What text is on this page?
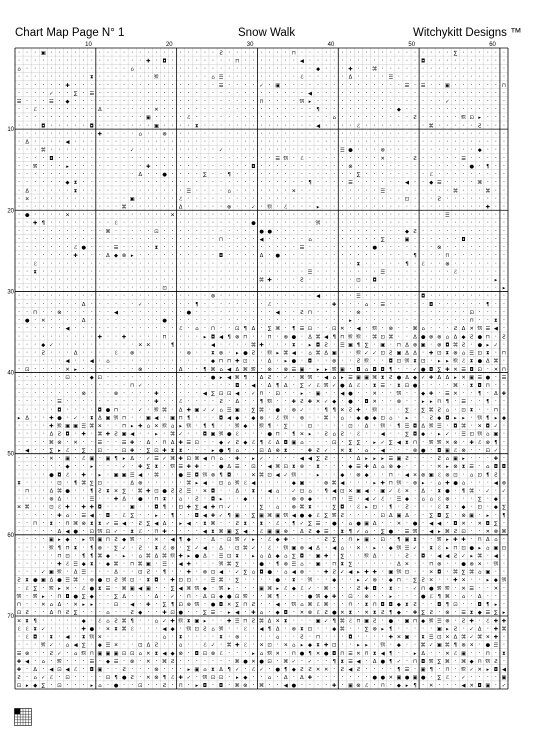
Chart Map Page N° 1	Snow Walk	Witchykitt Designs ™
· · · ▣ · · · · · · · · · · · · · · · · · · · · · Ƨ · · · · · · · · ⊓ · · · · · · · · · · · · · · · · · · · ∑ · · · · · ·
· · · · · · · · · · · · · · · · ✚ · ◘ · · · · · · · · ⊓ · · · · · · · ◀ · · · · · · · · · · · · · · ◘ · · · · · · · · · ·
⌂ · · · · · · · · · · · · · ⌂ · · · · · · · · · · · · · · · · · · · · · · ◆ · · · ✚ · · ⌘ · · · · · · · · · · · · · · · ·
· · · · · · · · · ⧗ · · · · · · · 𝔐 · · · · · · ⌂ ☰ · · · · · · · · · ℰ · · · · · Δ · · · · ☰ · · · · · · · · · · · · · ·
· · · · · · ✚ · · · · · · · · · · · · · · · · · · ☰ · · · · ✓ · ▣ · · · · · · · · · · · · · · · ☰ · ☰ · · ▣ · · · · · · ⊓
· · · · ✓ · · ∑ · ☰ · · · · · · · · · · · · · · · · · · · · · · · · · · ◀ · · · · · · · · · · · · · · · · · · · · · · · ·
☰ · · · ☰ · ◆ · · · · · · · · · · · · · · · · · · · · · · · ⊓ · · · · 𝔐 ▸ · · · · · · · · · · · · · · · · ✓ · · · · · · ·
· · ℰ · · · · · · · Δ · · · · · · ✕ · · · · · · · · · · · · · · · · · · · ¶ · · · · · · · · · ◆ · · · · · · · · · · · · ·
· · · · · · · · · · · · · · · · ▣ · · · · ℰ · · · · · · · · · · · · · · · · · ⌂ · · · · · · · · · Ƨ · · · · · 𝔐 ⊡ ▸ · · ·
· · · ◘ · · · · · ◘ · · · · · · · ▣ · · · · ⧗ · · · · · · · · · · · · · · ◀ · · · · ℰ · · · · · · · · ⌘ · · · · · Ƨ · · ·
· · · · · · · · · · ✚ · · · · ⌂ · · ⊗ · · · · · · · · · · · · · · · · · · · · · · · · · · · · · · · · · · · · · · · · · ·
· Δ · · · · ◀ · · · · · · · · · · · · · · · · · · · · · · · · · · · · · · · · · · · · · · · · · · · · · · · · · · · · · ·
· · · ⌘ · · · · · · · · · · ✓ · · · · · · · · · · ✓ · · · · · · · · · · · · · · ☰ ● · · · ⊗ · · · · · · · · · · · ◆ · · ·
· · · · ◘ · · · · · · · · · · · · · · · · · · · · · · · · · · · ☰ 𝔐 · ℰ · · · · · · · · · ✕ · · · Ƨ · · · · · ☰ · · · · ·
· · 𝔐 · · · ▸ · · · · · · · · · ✚ · · · · · · · · · · · · ◘ · · · · · · · · · · · ⊗ · · · · · · · · · · · · · · ● · ¶ · ·
· · · · · · · · · · · · · · · Δ · · ● · · · · ∑ · · ¶ · · · · · · · · · · · · · · · ∑ · · · · · · · · ℰ · · · · · · · · ·
· · · · · · ◆ ⧗ · · · · · · · · · · · · · · · · · · · · · · · · · · · · ¶ · · · · ☰ · · · · · · ◀ · · ◆ ☰ · · · · ⌘ · · ·
· Δ · · · · · ⧗ · · · · · · · · · · · · · ☰ · · · · ⌂ · · · · · · · ✕ · · · · · · · · · · ☰ · · · · · · · · ⌘ · · · ⌘ · ·
· ✕ · · · · · · · · · · · · ▣ · · · · · ℰ · · · · · · · · · · · · · · · · · · · · · · · · · · · ⊡ · · · Ƨ · · · · · · · ·
· · · · · · · · · · · · · ⌘ · · · · · · Δ · · · · · ⊗ · · ✓ · 𝔐 · ℰ · · · ▸ · · · · · · · · · · · · · · · · · · · · ✚ · ·
· ● · · · · ✕ · · · · · · · · · · · · ✕ · · · · · · · · · · · · · · · · · · · · · · · · · · · · · · · · · ☰ · · · · · · ·
· · ✚ ¶ · · · · · · · · ℰ · · · · · · · · · · · · · · · · ● · · · · · · · 𝔐 · · · · · · · · · · · · · · · · · · · · · · ·
· · · · · · · · · · · ⌘ · · · · · ⊡ · · · · · · · · · · · · ● ● · · · · · · · · · · · · · · · · ◆ Ƨ · · · · · · · · · · ·
· · · · · · · · · · · · · · · · · · · · · · · · · ⊓ · · · · ◀ · · · · · ⌂ · · · · · · · · ∑ · · ▣ · · · · · · ◘ · · · · ·
· · · · · · · ℰ ● · · · ☰ · · · · ⧗ · · · · · · · · · · · · · · · · · ☰ · · · · · · · · ● · · · · · · · ⊗ · · · · · · · ·
· · · · · · · ✚ · · · Δ ◆ ⊗ ▸ · · · · · · · · · · ◘ · · · · Δ · ● · · · · · · · · · · · · · · · · ¶ · · · ⊓ · · · · · · ·
· · ℰ · · · · · · · · · · · · · · · · · · · · · · · · · · · · · · · · · · · · · · · ⧗ · · · · · ¶ · ℰ · · ⊗ · · · · · · ·
· · ⧗ · · · · · · · · · · · · · · · · · · · · · · · · · · · · · · · · · ☰ · · · · · · · · ☰ · · · · · · · · ℰ · · · · · ·
· · · · · · · · · · · · · · · · · · · · · · · · · · · · · · ⌘ ✚ · · · Ƨ · · · · · · ⊡ · ◘ · · · · · · · · · · · · · · ▸ ·
· · · · · · · · · · · · · · · · · · ⊡ · · · · · · · · · · · · · · · · · · · · · · · · · · · · · · · · · · · · · · · · · ▸
· · · · · · · · · · · · · · · · · · · · · · · · ⊗ · · · · · · · · · · · · ◀ · · · · ☰ · · · · · · · ◘ · · · · · · · · · ·
· · · · · · · · Δ · · · · · · ✓ · · · · · · ¶ · · · · · · · · ℰ · · · · · · · ✚ · · · ⌂ · ☰ · · · · · ◘ · · · · · · ¶ · ·
· · ⊓ · · ⊗ · · · · · · ◀ · · · · · · · · ● · · · · · · · · · · ◀ · · Ƨ ⊓ · · · · · ⊗ · · · · · · · · · · · · · ⊡ · · · ·
· ● · ✕ · · · · Δ · · · · · · · · · ● · · · · · · · · · · · · · · · · · · · · · · ▸ · · · · · · · · · · · · · · ⊓ · · ⧗ ·
· · · · · · ◀ · · · · · · · · · · · · · ℰ · ⌂ · ⊓ · · ⊡ ¶ Δ · ∑ ⌘ · ¶ ☰ ⊡ · · ⊡ ✕ · ◀ · 𝔐 · ⊗ · · ⌘ ⌂ · · · Ƨ Δ ✕ 𝔐 ☰ ◀ ·
· · · · · · · · · · ✚ · · ✚ · · · · ⊓ · · · · ▸ ◘ ◀ ¶ ⊗ ⊓ · · ⊓ · ⊗ ● · Δ ⌘ ◀ ¶ ⊓ 𝔐 𝔐 · ⌘ ⊡ ⌘ · · Δ ● ⊗ ⊗ ⌂ Δ ◆ Ƨ ● ⊓ · Ƨ
· · · ◆ ✓ · · · · · · · · · · ✕ ✕ · · ¶ · · · · ◀ · · · · ⌘ ✚ · · · ⧗ · ▸ ◘ Ƨ · ☰ ▣ ¶ ∑ · ▣ · ⊓ Δ ⊗ ▣ · ⊗ ◘ ⌘ Ƨ · ● ▸ ✓ ·
· · · Ƨ · · · Δ · · · · ℰ · ⊗ · · · · · · ⊗ · · ⧗ ⊗ · ▸ ● Ƨ · 𝔐 ▸ ⌘ ◀ · ⌂ ⌘ Δ ▣ · · 𝔐 ✓ ✓ ⊡ Ƨ ▣ Δ Δ · ✚ ⊡ ⧗ ⊗ ⌂ ☰ ⊡ ⧗ · ⊓
· · · · · · ◀ · · ◀ · ⌂ · · · · · · · · · · · · ◆ ⊓ ⊓ ✚ ⊡ · · Δ · ▸ ● · ◘ · · ⊗ · · Ƨ 𝔐 · · ◘ ⊡ 𝔐 ⧗ ⊡ · ▸ ▸ 𝔐 ℰ ⧗ ● Δ ⌘ ·
· ⊡ · · · · ✕ ▸ · · · · · · · ⊗ · · · · Δ · · ¶ ⌘ ⌂ ◀ Δ ⌘ 𝔐 · ⊗ · ⊗ ☰ ▣ · ▸ ▸ 𝔐 ▣ · ◘ ⌂ ◘ ◘ ¶ · · ✓ ● ◘ ∑ ✚ ✕ ☰ ◘ ⊡ · ✕ ⊓
· · · · · · ⊡ · · ◆ ⊡ · · · · · · · · · · · · · ● ▸ ◀ ⌘ ¶ · Δ Ƨ · ✓ · ⌘ 𝔐 · ◀ ⌂ ▸ ☰ ▣ ▣ ⌘ ⧗ Ƨ ● Δ ◆ ✓ ✚ Δ Δ ▸ ✕ ▣ ☰ ● · ☰
· · · · · · · · · · · · · · ⊓ ✓ · · · · · · · · · · · ◘ · ◀ · Δ ¶ Δ · ∑ ✓ ℰ 𝔐 ✓ ● Δ ℰ · ⧗ ☰ · ⧗ ⊡ ● · · · · ⌘ · ⧗ ◘ ⊓ · ·
· · · · · · · · ⊗ · · · ⊗ · · · · ✚ · · · · · ◀ ∑ ⊡ ⊡ ◀ · ✓ ⊓ · ⊡ · · ▸ · ▣ · · ◀ ● · · ✕ · · 𝔐 · · ◆ ✚ · ☰ ✕ · · ¶ · Δ ✚
· · · · · ☰ · · · · · · · · · · · ✚ · · ℰ · · · · Ƨ · Δ · · ¶ 𝔐 · · ✚ Ƨ ✚ ✕ ✓ ◆ · ● · ◘ ✕ · · ⊗ · · ▸ ▸ ⊓ ¶ · ☰ · · ¶ · ·
· · · · · ◘ · · · · ◘ ● ⊓ · · ✓ · 𝔐 ⌘ · Δ ✚ ▣ ✓ ✓ ⌂ ☰ ▣ · ∑ ⌘ · ● · ⊗ ✓ · · ¶ ¶ ✕ Ƨ ✚ · 𝔐 · · · ∑ · ∑ ⌘ Ƨ ⌂ · ⊡ ⧗ · · ⊓ ·
▸ Δ · · ✚ ● · ✓ · ⧗ Δ ▣ 𝔐 ⊓ · · ▣ ◀ · ▣ ⊓ ¶ · · · ◘ ◀ ◆ · ◆ ⊗ · ℰ 𝔐 · ⊗ · · ⌘ · ⌂ · ◆ ● ◆ ⊡ ⌂ · ▸ · · Ƨ ◆ ◘ ▸ ▸ · 𝔐 ¶ ▸ ◆
· · · · ✚ 𝔐 ▣ ▣ ☰ ⌘ ✕ · · ⊓ ▸ ✚ ⌂ ✕ 𝔐 ⌂ ▸ 𝔐 · ¶ ¶ · · 𝔐 ◆ · 𝔐 ¶ · ∑ · · ⊡ · · · · ⊡ · Δ · 𝔐 · ¶ ☰ ◘ Δ 𝔐 ☰ · ◘ ⌘ · ✕ ◘ ✓ ·
· · · · Δ Ƨ ◘ · ✚ · ⌘ ✚ Ƨ ▣ ◀ · · ▸ · ⌘ ✓ · · ◘ ▣ 𝔐 ● ℰ · · · ● ⊓ · ¶ ✕ ▸ · Ƨ ⌂ Ƨ · ℰ · · ◀ · · ∑ ◘ ◆ · ▸ ✓ · ☰ ⊡ 𝔐 ⌂ ▣ ·
· · · · ⌘ ⊗ · ✕ · · ☰ · · ☰ ✚ · Δ · ⊓ Δ ✚ ☰ ⊡ · · ◆ ✓ Ƨ ◆ ℰ ¶ ℰ Δ ◘ ▣ ⌂ · · · ⊡ · ∑ ∑ · ▸ ✓ ∑ ◀ ⧗ ⊓ · 𝔐 𝔐 ✕ ⊗ · ✚ ℰ ⊗ ¶ ·
· ◀ · · ∑ ▸ ℰ · ∑ · ⊡ · · ⊡ ✚ · ∑ ⊡ ✚ ⧗ ⧗ · · · ▸ ● ¶ ⌂ · · ⊡ Δ ⊗ ⧗ · · ✚ Ƨ ✓ · ✕ ⧗ · ⌂ · ◀ · · · ⊗ ● · ◘ ▣ ℰ ⊗ · · ⊡ ✓ ·
· · · · ✕ · ▣ · ℰ ▣ · ▣ ¶ ▸ Δ · ✓ ☰ ✓ ⌘ ✚ ⊡ ⌘ ◀ ⊓ ⌂ · ✚ · ▸ ✓ · · · · ◀ ◀ ∑ Ƨ · · · Δ ▸ ▸ ▸ ☰ ▣ Ƨ · · · Ƨ ⌂ ▣ ▸ · · · ✚ ·
· · · · · · ◆ · · ▸ · · · ✓ · ✚ ∑ ⧗ · 𝔐 ☰ ✚ ✚ · · ● Δ ☰ · ⊡ · ◀ ⌘ ⊡ ⧗ ⊗ · ⧗ · · · ◆ ☰ ✚ Δ ⌂ ⊗ ◆ · · · · ✕ ▸ ⊗ ⧗ ☰ · ⌂ ◘ ◘
· · · · ● ◘ ℰ · ✚ · ▸ · ▣ ▣ ☰ ◀ · ⌘ · · ● ☰ ◘ 𝔐 ⊗ ¶ ◘ · · ✕ ⌘ ⊡ ◀ ✓ 𝔐 · · ▸ · · ◆ · ⊗ ◆ · · ⊓ · ◀ ✕ ⊗ ▣ ℰ ⊗ ⊡ · ⌂ ⊡ ¶ Ƨ ·
⧗ · · · · ⊡ · ¶ ⌘ ∑ ⊡ · · · Δ ⊗ · · · · · ⌘ ▸ ◀ · ⊡ ⌂ 𝔐 ℰ ◀ · · · · ◆ ▣ · · ⊗ ⌘ ◀ · · · ▸ ✚ ⊓ 𝔐 · ⊗ ▸ · ⌂ ✚ ● ⌂ · · · ◀ ⊗
· ⊓ · · Δ ⌘ ● · · ¶ Ƨ ⧗ ✕ ∑ · ⌘ ✚ ⊡ ● Ƨ Ƨ ☰ · ✕ ◘ · · Δ · ⧗ · ◀ ⌂ · ✓ ⊡ ⌂ · ¶ ◀ ⊡ ✕ ▣ ◀ · ▣ ✓ ℰ ✕ · Δ · ⧗ ● · ¶ ⌘ · ✓ · ✓
· · · · ⊗ Δ · · · ☰ · · ✚ Δ · ● · ⊓ ⧗ · ⌂ · Ƨ · ◘ ▸ · · ◆ · · · · · ⊗ ⊗ ◆ · · ⊓ · ☰ · ◀ ✓ ℰ · ☰ ◆ · ⌂ ⌂ ℰ ⊗ · · · ∑ · ◆ ·
✕ ⌘ · · ⊡ ℰ ✚ · ✚ ✚ ◘ · · · ▣ · · ◘ ¶ · ⊡ ✚ ∑ ◀ ✚ ⊓ ✓ · · · ∑ · ⌂ · ⊗ ⌘ ⧗ · · ∑ ◘ · ℰ ▸ ⊡ · ¶ · Ƨ · · · ℰ ⧗ · ◆ · ⊡ · ◆ ∑
· · · · · ✚ ⌂ · ☰ ◀ · ◘ · ℰ ∑ · · ▸ · ¶ · · ◘ ◀ ✚ ✓ ¶ ▣ · ∑ ▣ ⌘ ▣ 𝔐 ◀ ● ◆ ℰ ∑ 𝔐 Ƨ · · · · ⊡ Δ ▣ Δ · · ∑ ◘ ∑ · ⊗ ▣ · ▸ · ¶
· · ⊓ · ⧗ · ⊓ ⌘ ⊗ ⧗ ⧗ ✓ ☰ ◀ · Ƨ ∑ ◀ Δ · ▸ ◀ · ⧗ ⌘ · · Ƨ ⧗ · ⧗ · ℰ · ¶ ✓ ∑ ☰ · ● · ⌂ ● ▣ Δ · · ✕ · ● · ◀ ◀ · ◘ ✕ · ✕ ◘ ∑ ·
· · · · · Δ ◀ ● · ⊡ 𝔐 ⊡ ✓ · ⧗ ℰ · ⊓ ✚ · · · · ◀ ⧗ ⌘ ▣ ∑ ◀ · ℰ ▣ ▣ ⊗ · Δ Ƨ ◆ ☰ · ⧗ ¶ ✓ ⌂ · ∑ ● · ☰ 𝔐 · ◀ ▸ ⌘ Ƨ ⊡ · · ✕ ⊗ ⌘
· · · · ▣ ▸ ◆ · ▸ 𝔐 ▣ ⊓ Ƨ ◆ 𝔐 · · ✕ · ◀ ¶ ◆ · · Δ · ⊡ 𝔐 ✓ ▸ · ℰ ◆ ✚ · · · · Ƨ ∑ · ⊓ ▸ ▣ · ⊡ · ¶ ▣ ⧗ · · 𝔐 ▸ ✚ ✚ · ⊓ Δ ⌂ ·
· · · · 𝔐 ¶ ⊓ ⧗ · ¶ ⊗ · ∑ ✓ · Ƨ · ⧗ ℰ ⊗ · ∑ ✓ ◀ · Δ · ⊡ ⌘ ✓ · ℰ · 𝔐 ▣ ⊗ ◀ Δ · ◀ ⌂ · ✕ · ▸ · ◆ 𝔐 ☰ ✓ · ⧗ ℰ ▸ ⊓ ⊡ ● ▸ ⌂ ▣ ⊡
· · · · · ⊓ ⊡ · ¶ ¶ ⌘ ◆ · ▸ · ⌂ ⌘ Δ ⌘ 𝔐 ✚ ▸ ● Δ · ☰ ⊡ ⧗ · ▸ ⌂ Δ ◆ ⌂ ∑ ◘ · ▣ ✚ · ∑ · · 𝔐 Δ · · · Ƨ · ◘ · ◀ ◀ Ƨ ✓ ▸ ⌘ · ◀ ·
· · · · · ✚ ℰ ☰ ◆ ⧗ · ◆ ⌘ · ⊓ ⌘ ▣ · ☰ · ◀ ✚ · · · 𝔐 ⌘ ∑ · · ● · ¶ ⊗ ☰ ⌂ · ▣ · ⊓ ⧗ ∑ · · · · · Δ ✕ · · ⊓ ⊗ · · ● ⊗ ✕ · 𝔐 ·
· · · ✓ ▣ 𝔐 · Δ ☰ · · · Δ · · ⊡ Ƨ · ¶ · · ✚ · ⊗ ⊡ ◀ · ✓ ∑ ⌂ ◘ ● · ⌂ ◀ ⊗ · · ✚ Ƨ ✓ ◀ ▸ ✚ ✚ · ▣ 𝔐 ⊡ · · ✕ ◘ · ⌘ ∑ ⌘ ⌂ ▣ · ·
Ƨ ⧗ ● ▣ Δ ● ☰ ⌘ · ⊗ ● ⊡ Ƨ 𝔐 ⊡ · ⧗ ◘ · ✚ ⊡ ⊡ · · ☰ ⌘ · ∑ · · · · ● · ⧗ · 𝔐 · · ◆ · · ▸ ✓ ⊗ · ◆ ⊓ · ∑ Ƨ ✕ · · ✚ ✕ · · ▸ ◆ 𝔐
· ℰ ∑ · 𝔐 ▸ ✕ · ℰ ● ⧗ ☰ · ⌘ ▣ ◀ ▣ · · ∑ ◀ ⌘ 𝔐 ◆ · 𝔐 ▸ · · · ▣ ⌘ ▸ ℰ ◆ ℰ ✓ · ⌘ · · · Ƨ ✚ ◘ · ⧗ · · ✓ ⊓ ● 𝔐 𝔐 · ✕ ☰ · · ✕ ·
𝔐 · 𝔐 ▸ · ⊓ ◘ ● ∑ ◆ · · ∑ Δ · · · Δ · ✓ · ⊓ · Δ ⊡ ◆ ● ⊡ 𝔐 · · ⌘ ¶ · · · ● 𝔐 ◆ ✚ · ⊡ · ⊗ · · ▸ · · · ● ℰ ¶ ⌘ · ⌂ · Δ · · ·
⊓ · · ✕ ⌂ Δ · ✕ ▸ ▸ · · ⊡ · ◀ · ✚ · ∑ ¶ ⊡ ⊗ 𝔐 · ● ◘ ✕ ∑ ⊓ Ƨ · · ◀ · 𝔐 ⌂ ⌘ ℰ ⌘ · · ⊓ · ⧗ ⊓ ◘ ◘ ◆ ⧗ Ƨ · · ◘ ¶ ⊡ · · ◘ ¶ ▸ ·
⊡ Ƨ · · Δ ⊓ Ƨ ∑ · · · ⌂ · · Ƨ ◆ · · ✚ ⊡ ● · · ∑ ☰ · ▸ ◀ · ✚ ⌂ · ◆ ◘ · ✕ ⊗ ℰ Ƨ ● ✕ ⧗ · ✕ ⧗ Ƨ ¶ ◆ · ✚ ∑ Ƨ · ⊗ · ☰ ⧗ ◆ ☰ ∑ ▸
✕ ⧗ ¶ · · · · · ◆ · ℰ ⌂ Ƨ ⌘ ¶ · · ⌂ ✓ ✚ 𝔐 ⧗ ▣ ▸ · · ✚ ☰ ⊓ Ƨ ⌘ Δ ✕ ⧗ · · · ▣ ✓ ¶ ⌘ ℰ ⊓ ▣ Ƨ · ● · ▣ ⊓ ◆ 𝔐 ☰ ⊗ · Ƨ ✚ · ℰ ✚ ✚
ℰ ℰ ⧗ ✓ · · · · ✚ ● · ✕ ⧗ ⌘ ℰ · · · ◀ ◆ · 𝔐 ⊡ Ƨ ⌂ 𝔐 · · ℰ · ◀ ¶ Δ · ⊗ ⧗ ⊡ · · ◆ ⌘ · · ∑ ⊗ ▸ ¶ · · · · · ▣ ▸ Ƨ · ✓ Δ · ✚ ⌘
· ℰ ◘ · ⧗ · ◀ · ⧗ 𝔐 ✕ · · · · · · · ⌂ · ⧗ · · · · ⧗ · ⊗ · · · · ⌂ · · Ƨ · ⊓ · · · ◘ · · · · ✚ ✕ ▣ · ⧗ ☰ ⊡ ✕ Δ ⌘ ✓ ⌘ ✕ ✚ ·
· · · 𝔐 ✓ · ⌂ ◀ ∑ · ◆ ☰ ✕ · · ⊡ Δ Ƨ · · ⌂ · · ℰ ✓ · ⌘ ✚ ℰ · ✕ ⊡ · ✕ ⌂ ▸ ◆ ⧗ ✚ ⊡ · · ▸ ▸ · 𝔐 · ◆ · · ⌘ ✓ ▣ ⌘ ¶ ⊗ ✕ · ● ☰ ·
☰ ⊗ · · Ƨ ✓ · ⌂ 𝔐 ⊓ ▣ ▣ ▣ ⊡ ⊡ ⌂ ✕ ⧗ ◀ ◆ ⊗ · ◘ ⊡ ⊗ ℰ · · · ▸ ⌂ 𝔐 ✕ · ⊓ ● ¶ ✕ ● ◘ ⊓ ☰ ✕ ⊓ ⧗ ◀ ¶ · · ▸ Δ · · ✕ ℰ ▣ · · ⊓ · ⧗
✚ ◀ · ⌂ · 𝔐 · · · ☰ · ◆ ☰ · ⊗ · ✕ · ⌘ Ƨ · · · · · · · ⌘ ● ✕ ● ⊡ · ⌘ ✓ · ✓ · · ¶ ⧗ ☰ ◀ · Δ ● ¶ ✓ · ⊓ ◘ 𝔐 ∑ ⌘ · ⌘ ◆ ⊓ 𝔐 Ƨ ·
✚ · Δ · ◀ ⊡ ◀ ℰ · ◘ ▣ · · Ƨ · · · ⊗ · · · ▸ ▣ ⌂ ⧗ Δ ¶ ✓ · ℰ ✓ · ● ¶ ◆ Ƨ Ƨ ✕ ✕ · Ƨ ◀ Ƨ · · · · ¶ ☰ · ▣ ¶ · ⊓ · 𝔐 ✓ ✕ ▸ ◘ ◀
Ƨ · ⌂ ✓ ℰ · ⊡ · · · · ⊡ ¶ ● Ƨ · ✕ ⊗ ¶ ℰ ✚ ✓ · 𝔐 ⊡ ⊡ · ▸ ◆ · · ⌂ · Δ · Δ ✚ · · · · · · · ● ● ✕ ▣ ● ▣ ● · ∑ ℰ · ✓ · · · · ▣
⊡ ▸ ◆ ∑ · ⊡ · · · ▸ ⌂ · ● · · ⊡ · · Ƨ · ⊓ · ▸ ◘ · ◘ · ⌘ ⊗ · ⌘ · · ◀ ● · · · · ✚ · ▣ ⊗ ℰ · ⊓ · ◆ ▸ ¶ · ✕ · · · ◀ ✕ ◘ ▣ · ✓
10	20	30	40	50	60
10
20
30
40
50
60
70
